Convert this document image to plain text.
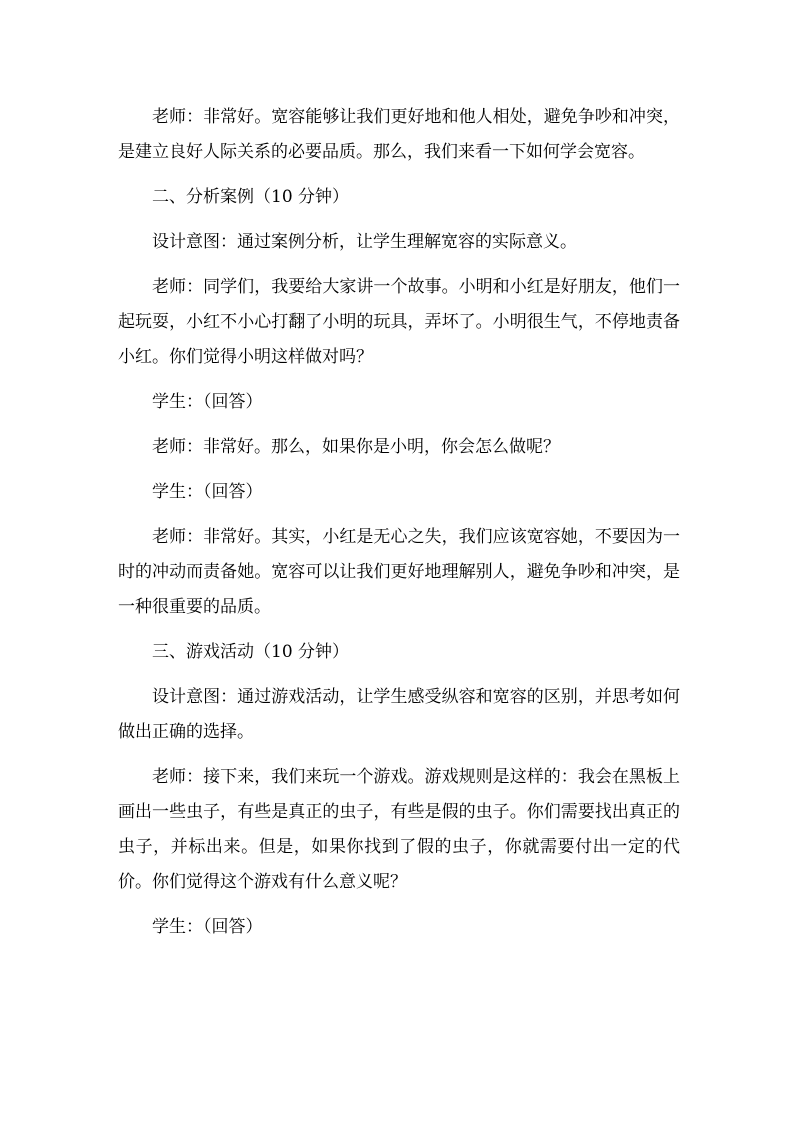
老师：非常好。宽容能够让我们更好地和他人相处，避免争吵和冲突，是建立良好人际关系的必要品质。那么，我们来看一下如何学会宽容。

二、分析案例（10 分钟）

设计意图：通过案例分析，让学生理解宽容的实际意义。

老师：同学们，我要给大家讲一个故事。小明和小红是好朋友，他们一起玩耍，小红不小心打翻了小明的玩具，弄坏了。小明很生气，不停地责备小红。你们觉得小明这样做对吗？

学生：（回答）

老师：非常好。那么，如果你是小明，你会怎么做呢？

学生：（回答）

老师：非常好。其实，小红是无心之失，我们应该宽容她，不要因为一时的冲动而责备她。宽容可以让我们更好地理解别人，避免争吵和冲突，是一种很重要的品质。

三、游戏活动（10 分钟）

设计意图：通过游戏活动，让学生感受纵容和宽容的区别，并思考如何做出正确的选择。

老师：接下来，我们来玩一个游戏。游戏规则是这样的：我会在黑板上画出一些虫子，有些是真正的虫子，有些是假的虫子。你们需要找出真正的虫子，并标出来。但是，如果你找到了假的虫子，你就需要付出一定的代价。你们觉得这个游戏有什么意义呢？

学生：（回答）
